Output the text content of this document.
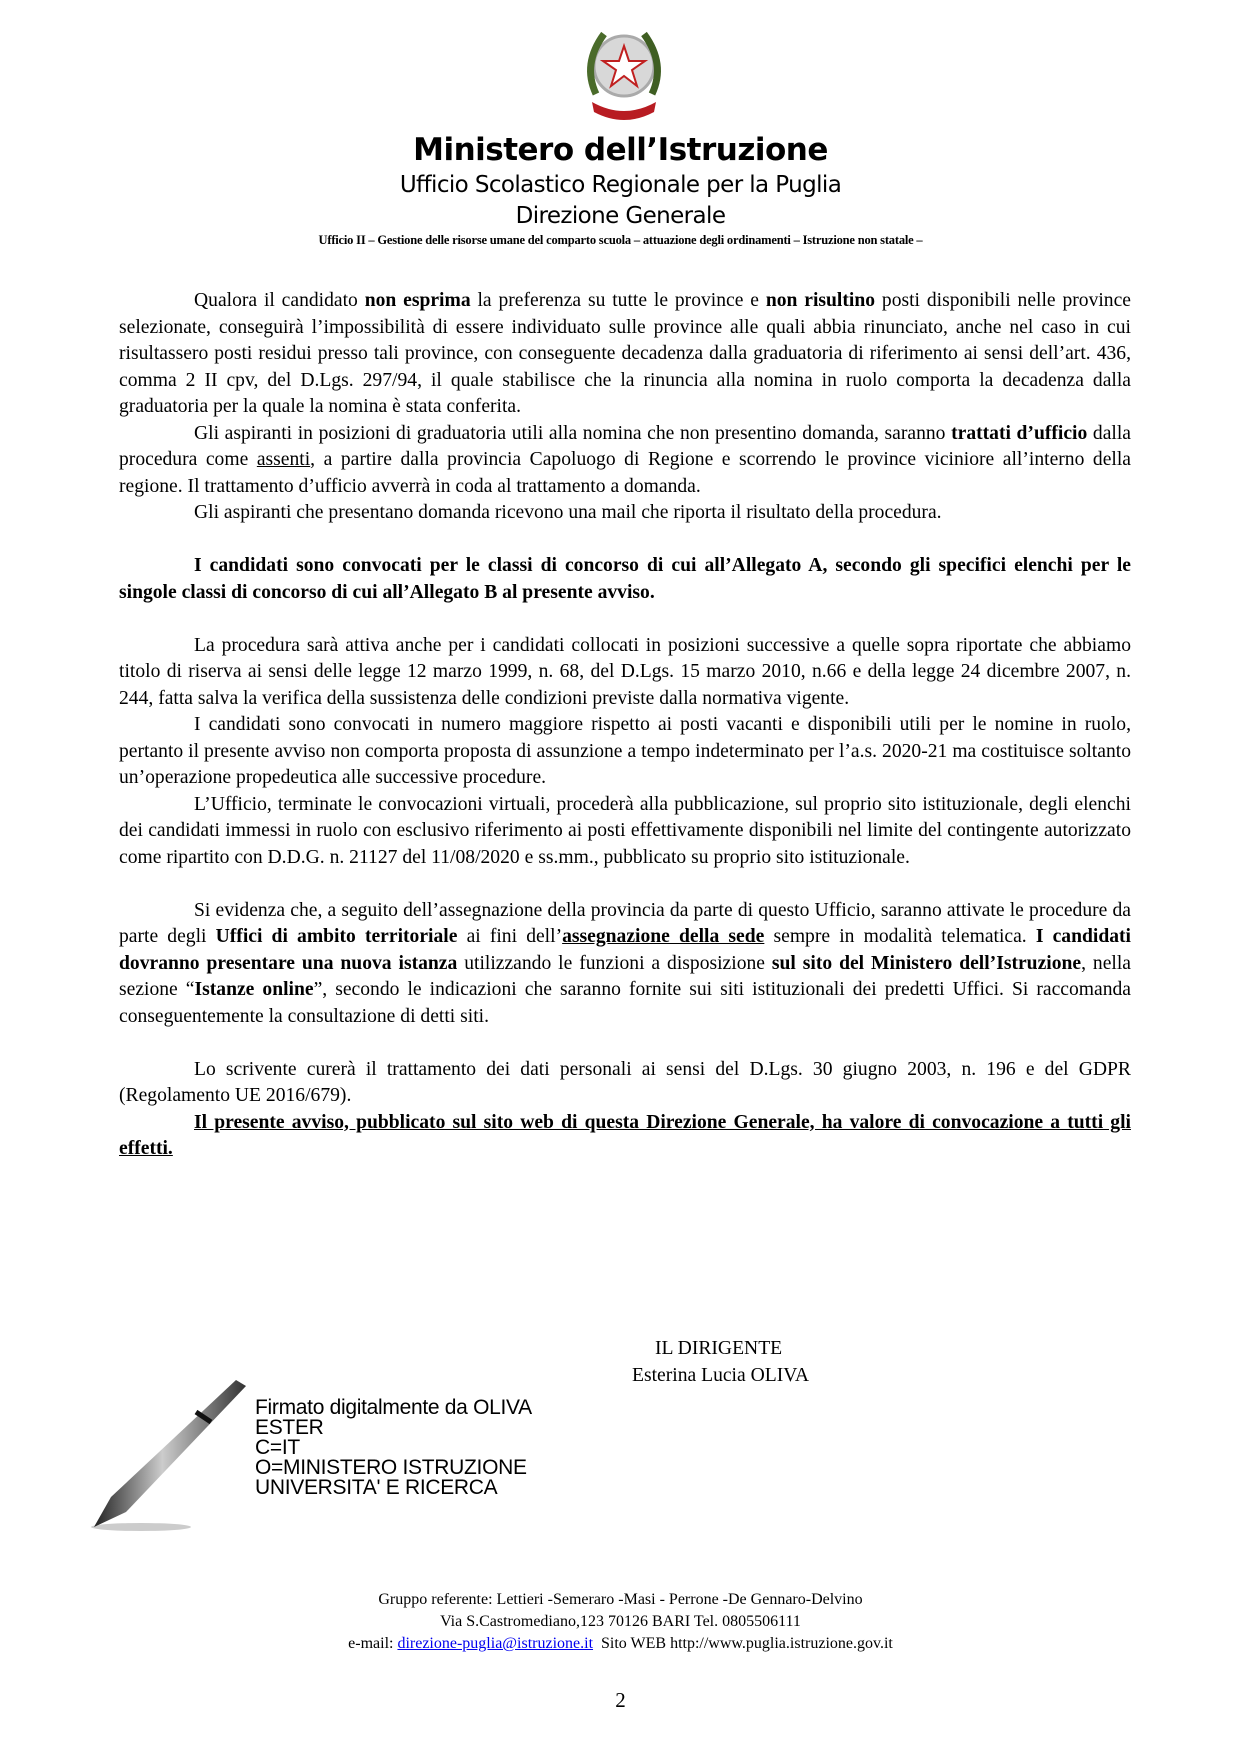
Ministero dell’Istruzione
Ufficio Scolastico Regionale per la Puglia
Direzione Generale
Ufficio II – Gestione delle risorse umane del comparto scuola – attuazione degli ordinamenti – Istruzione non statale –

Qualora il candidato non esprima la preferenza su tutte le province e non risultino posti disponibili nelle province selezionate, conseguirà l’impossibilità di essere individuato sulle province alle quali abbia rinunciato, anche nel caso in cui risultassero posti residui presso tali province, con conseguente decadenza dalla graduatoria di riferimento ai sensi dell’art. 436, comma 2 II cpv, del D.Lgs. 297/94, il quale stabilisce che la rinuncia alla nomina in ruolo comporta la decadenza dalla graduatoria per la quale la nomina è stata conferita.

Gli aspiranti in posizioni di graduatoria utili alla nomina che non presentino domanda, saranno trattati d’ufficio dalla procedura come assenti, a partire dalla provincia Capoluogo di Regione e scorrendo le province viciniore all’interno della regione. Il trattamento d’ufficio avverrà in coda al trattamento a domanda.

Gli aspiranti che presentano domanda ricevono una mail che riporta il risultato della procedura.

I candidati sono convocati per le classi di concorso di cui all’Allegato A, secondo gli specifici elenchi per le singole classi di concorso di cui all’Allegato B al presente avviso.

La procedura sarà attiva anche per i candidati collocati in posizioni successive a quelle sopra riportate che abbiamo titolo di riserva ai sensi delle legge 12 marzo 1999, n. 68, del D.Lgs. 15 marzo 2010, n.66 e della legge 24 dicembre 2007, n. 244, fatta salva la verifica della sussistenza delle condizioni previste dalla normativa vigente.

I candidati sono convocati in numero maggiore rispetto ai posti vacanti e disponibili utili per le nomine in ruolo, pertanto il presente avviso non comporta proposta di assunzione a tempo indeterminato per l’a.s. 2020-21 ma costituisce soltanto un’operazione propedeutica alle successive procedure.

L’Ufficio, terminate le convocazioni virtuali, procederà alla pubblicazione, sul proprio sito istituzionale, degli elenchi dei candidati immessi in ruolo con esclusivo riferimento ai posti effettivamente disponibili nel limite del contingente autorizzato come ripartito con D.D.G. n. 21127 del 11/08/2020 e ss.mm., pubblicato su proprio sito istituzionale.

Si evidenza che, a seguito dell’assegnazione della provincia da parte di questo Ufficio, saranno attivate le procedure da parte degli Uffici di ambito territoriale ai fini dell’assegnazione della sede sempre in modalità telematica. I candidati dovranno presentare una nuova istanza utilizzando le funzioni a disposizione sul sito del Ministero dell’Istruzione, nella sezione “Istanze online”, secondo le indicazioni che saranno fornite sui siti istituzionali dei predetti Uffici. Si raccomanda conseguentemente la consultazione di detti siti.

Lo scrivente curerà il trattamento dei dati personali ai sensi del D.Lgs. 30 giugno 2003, n. 196 e del GDPR (Regolamento UE 2016/679).

Il presente avviso, pubblicato sul sito web di questa Direzione Generale, ha valore di convocazione a tutti gli effetti.

IL DIRIGENTE
Esterina Lucia OLIVA
Firmato digitalmente da OLIVA
ESTER
C=IT
O=MINISTERO ISTRUZIONE
UNIVERSITA' E RICERCA
Gruppo referente: Lettieri -Semeraro -Masi - Perrone -De Gennaro-Delvino
Via S.Castromediano,123 70126 BARI Tel. 0805506111
e-mail: direzione-puglia@istruzione.it  Sito WEB http://www.puglia.istruzione.gov.it
2
